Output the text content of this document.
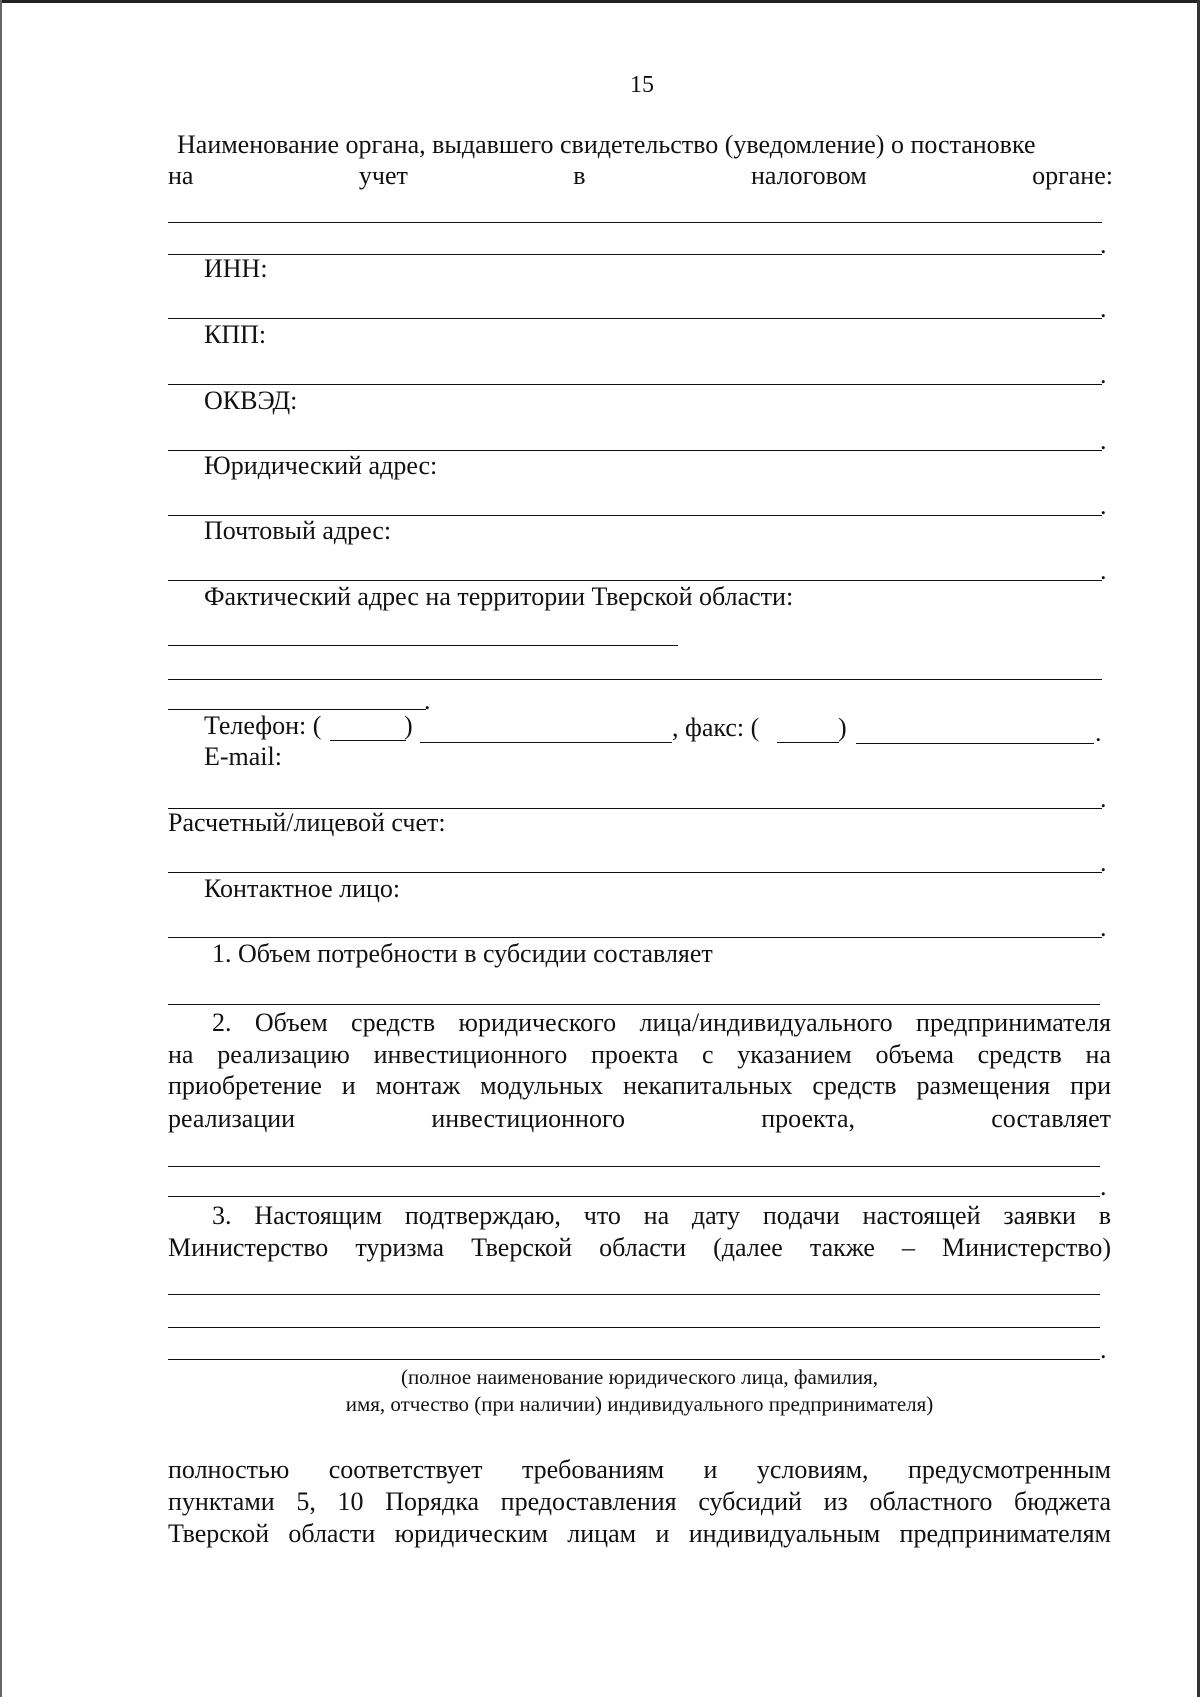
15
Наименование органа, выдавшего свидетельство (уведомление) о постановке
на	учет	в	налоговом	органе:
.
ИНН:
.
КПП:
.
ОКВЭД:
.
Юридический адрес:
.
Почтовый адрес:
.
Фактический адрес на территории Тверской области:
.
Телефон: (	)	, факс: (	)	.
E-mail:
.
Расчетный/лицевой счет:
.
Контактное лицо:
.
1. Объем потребности в субсидии составляет
2. Объем средств юридического лица/индивидуального предпринимателя
на реализацию инвестиционного проекта с указанием объема средств на
приобретение и монтаж модульных некапитальных средств размещения при
реализации	инвестиционного	проекта,	составляет
.
3. Настоящим подтверждаю, что на дату подачи настоящей заявки в
Министерство туризма Тверской области (далее также – Министерство)
.
(полное наименование юридического лица, фамилия,
имя, отчество (при наличии) индивидуального предпринимателя)
полностью соответствует требованиям и условиям, предусмотренным
пунктами 5, 10 Порядка предоставления субсидий из областного бюджета
Тверской области юридическим лицам и индивидуальным предпринимателям
